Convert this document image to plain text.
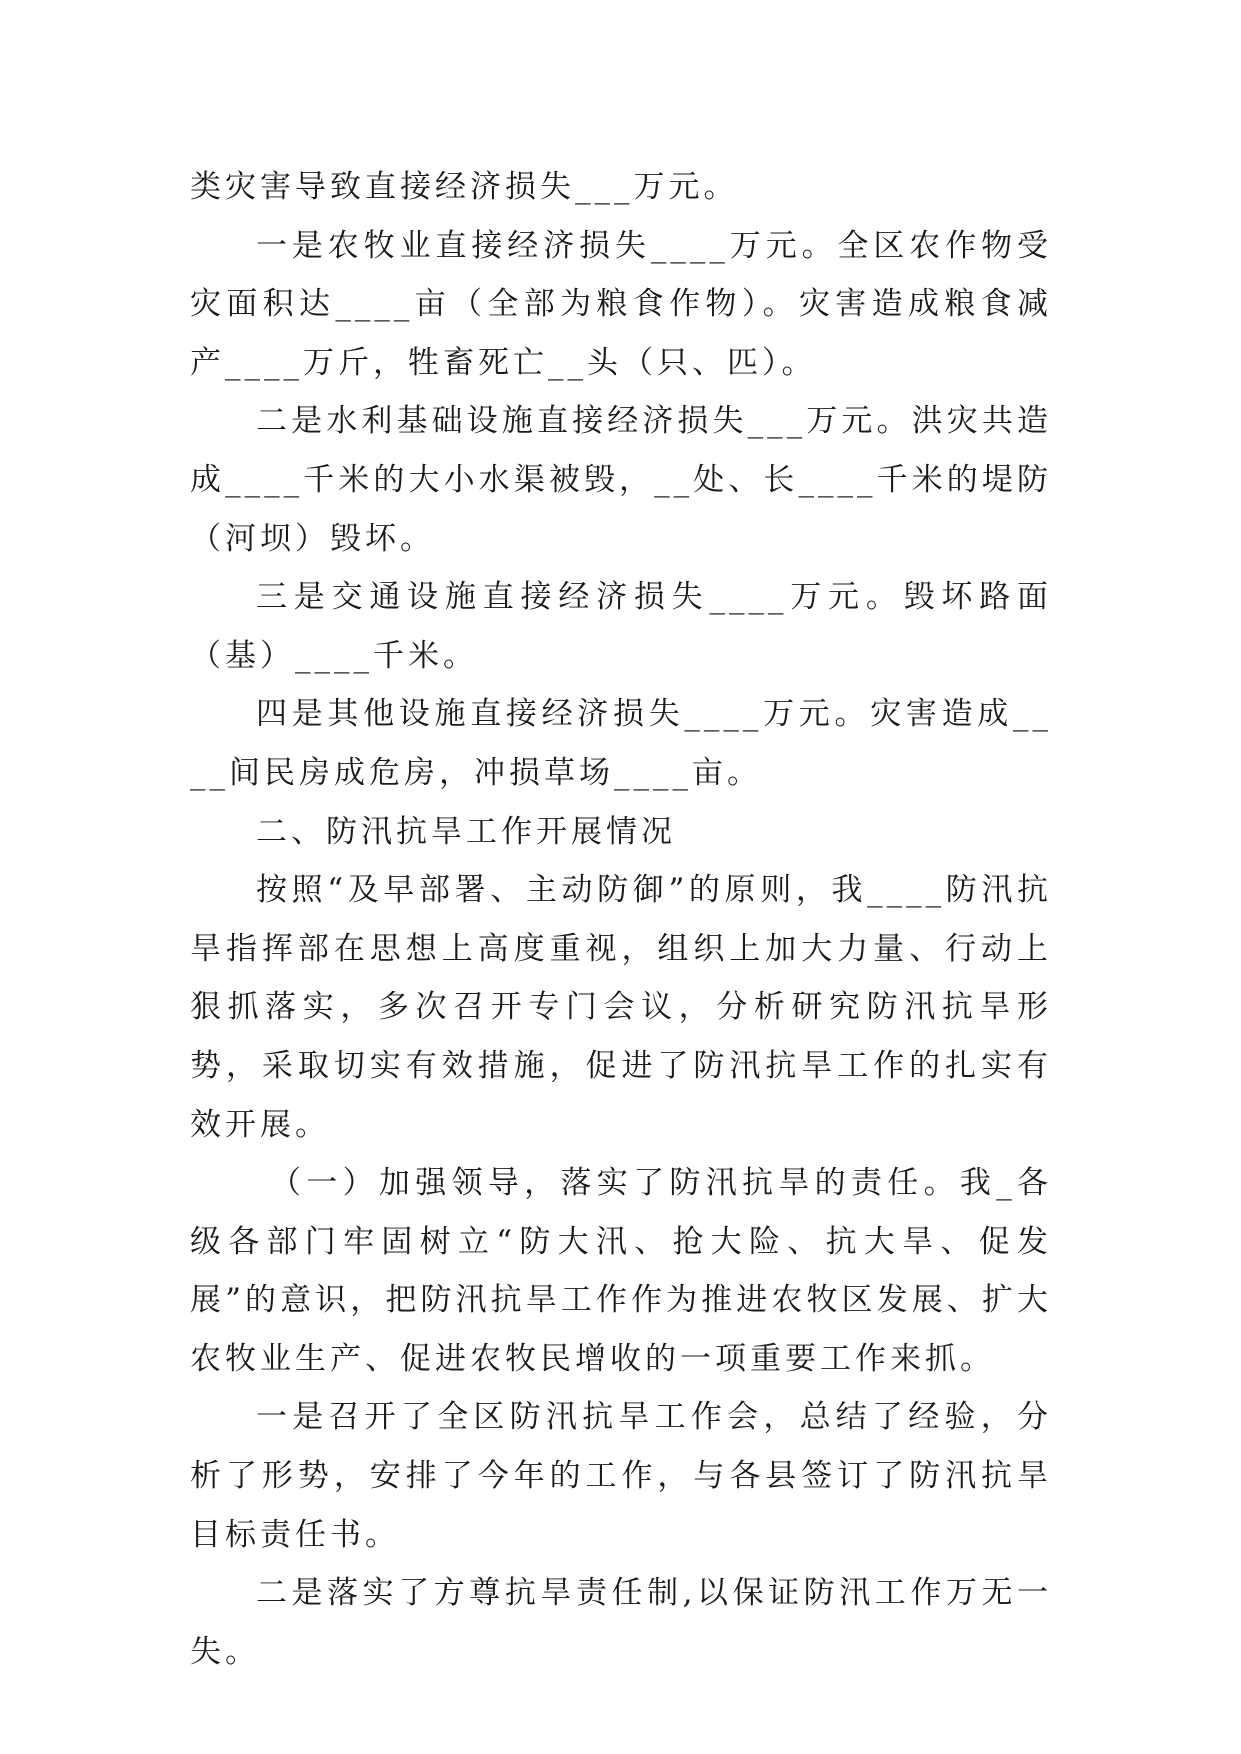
类灾害导致直接经济损失___万元。

一是农牧业直接经济损失____万元。全区农作物受灾面积达____亩（全部为粮食作物）。灾害造成粮食减产____万斤，牲畜死亡__头（只、匹）。

二是水利基础设施直接经济损失___万元。洪灾共造成____千米的大小水渠被毁，__处、长____千米的堤防（河坝）毁坏。

三是交通设施直接经济损失____万元。毁坏路面（基）____千米。

四是其他设施直接经济损失____万元。灾害造成____间民房成危房，冲损草场____亩。

二、防汛抗旱工作开展情况

按照“及早部署、主动防御”的原则，我____防汛抗旱指挥部在思想上高度重视，组织上加大力量、行动上狠抓落实，多次召开专门会议，分析研究防汛抗旱形势，采取切实有效措施，促进了防汛抗旱工作的扎实有效开展。

（一）加强领导，落实了防汛抗旱的责任。我_各级各部门牢固树立“防大汛、抢大险、抗大旱、促发展”的意识，把防汛抗旱工作作为推进农牧区发展、扩大农牧业生产、促进农牧民增收的一项重要工作来抓。

一是召开了全区防汛抗旱工作会，总结了经验，分析了形势，安排了今年的工作，与各县签订了防汛抗旱目标责任书。

二是落实了方尊抗旱责任制,以保证防汛工作万无一失。
